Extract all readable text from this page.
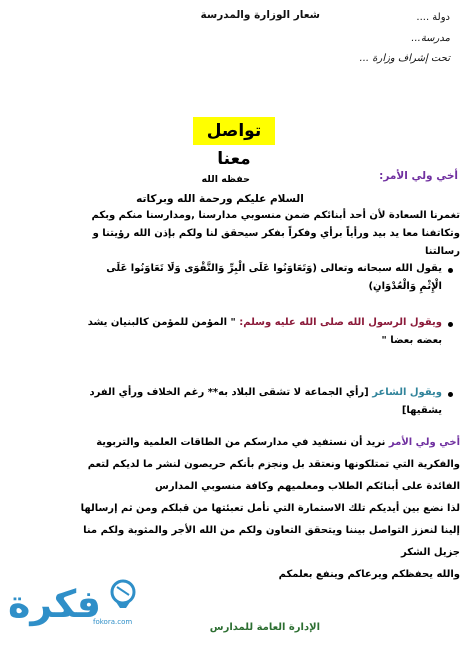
شعار الوزارة والمدرسة	دولة ....
مدرسة...
تحت إشراف وزارة ...
تواصل معنا
أخي ولي الأمر:
حفظه الله
السلام عليكم ورحمة الله وبركاته
تغمرنا السعادة لأن أحد أبنائكم ضمن منسوبي مدارسنا ,ومدارسنا منكم وبكم
وتكاتفنا معا يد بيد ورأياً برأي وفكراً بفكر سيحقق لنا ولكم بإذن الله رؤيتنا و
رسالتنا
يقول الله سبحانه وتعالى (وَتَعَاوَنُوا عَلَى الْبِرِّ وَالتَّقْوَى وَلَا تَعَاوَنُوا عَلَى
الْإِثْمِ وَالْعُدْوَانِ)
ويقول الرسول الله صلى الله عليه وسلم: " المؤمن للمؤمن كالبنيان يشد
بعضه بعضا "
ويقول الشاعر [رأي الجماعة لا تشقى البلاد به** رغم الخلاف ورأي الفرد
يشقيها]
أخي ولي الأمر نريد أن نستفيد في مدارسكم من الطاقات العلمية والتربوية
والفكرية التي تمتلكونها ونعتقد بل ونجزم بأنكم حريصون لنشر ما لديكم لتعم
الفائدة على أبنائكم الطلاب ومعلميهم وكافة منسوبي المدارس
لذا نضع بين أيديكم تلك الاستمارة التي نأمل تعبئتها من قبلكم ومن ثم إرسالها
إلينا لنعزز التواصل بيننا ويتحقق التعاون ولكم من الله الأجر والمثوبة ولكم منا
جزيل الشكر
والله يحفظكم ويرعاكم وينفع بعلمكم
الإدارة العامة للمدارس
فكرة
fokora.com
